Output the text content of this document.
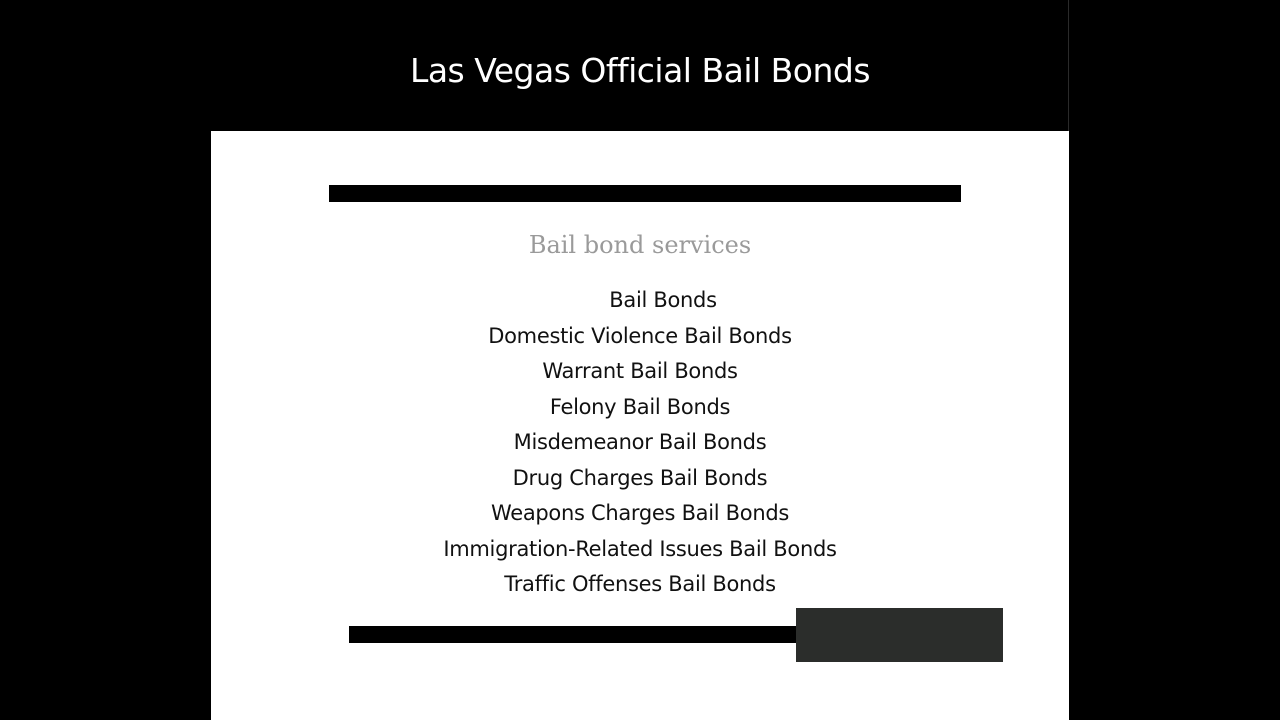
Las Vegas Official Bail Bonds
Bail bond services
Bail Bonds
Domestic Violence Bail Bonds
Warrant Bail Bonds
Felony Bail Bonds
Misdemeanor Bail Bonds
Drug Charges Bail Bonds
Weapons Charges Bail Bonds
Immigration-Related Issues Bail Bonds
Traffic Offenses Bail Bonds
